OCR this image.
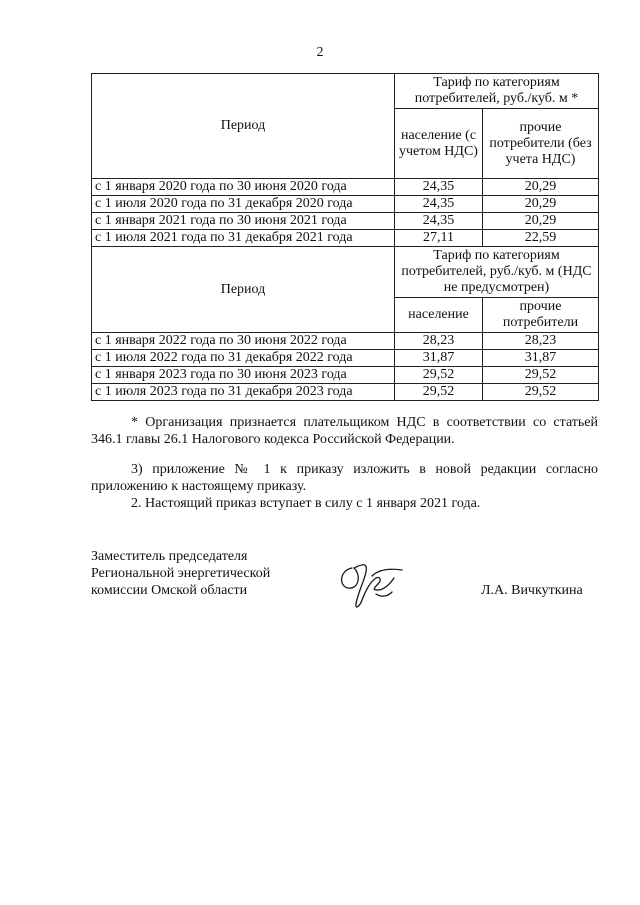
2
Период	Тариф по категориям потребителей, руб./куб. м *	
	население (с учетом НДС)	прочие потребители (без учета НДС)
с 1 января 2020 года по 30 июня 2020 года	24,35	20,29
с 1 июля 2020 года по 31 декабря 2020 года	24,35	20,29
с 1 января 2021 года по 30 июня 2021 года	24,35	20,29
с 1 июля 2021 года по 31 декабря 2021 года	27,11	22,59
Период	Тариф по категориям потребителей, руб./куб. м (НДС не предусмотрен)	
	население	прочие потребители
с 1 января 2022 года по 30 июня 2022 года	28,23	28,23
с 1 июля 2022 года по 31 декабря 2022 года	31,87	31,87
с 1 января 2023 года по 30 июня 2023 года	29,52	29,52
с 1 июля 2023 года по 31 декабря 2023 года	29,52	29,52
* Организация признается плательщиком НДС в соответствии со статьей 346.1 главы 26.1 Налогового кодекса Российской Федерации.
3) приложение № 1 к приказу изложить в новой редакции согласно приложению к настоящему приказу.
2. Настоящий приказ вступает в силу с 1 января 2021 года.
Заместитель председателя
Региональной энергетической
комиссии Омской области	Л.А. Вичкуткина
